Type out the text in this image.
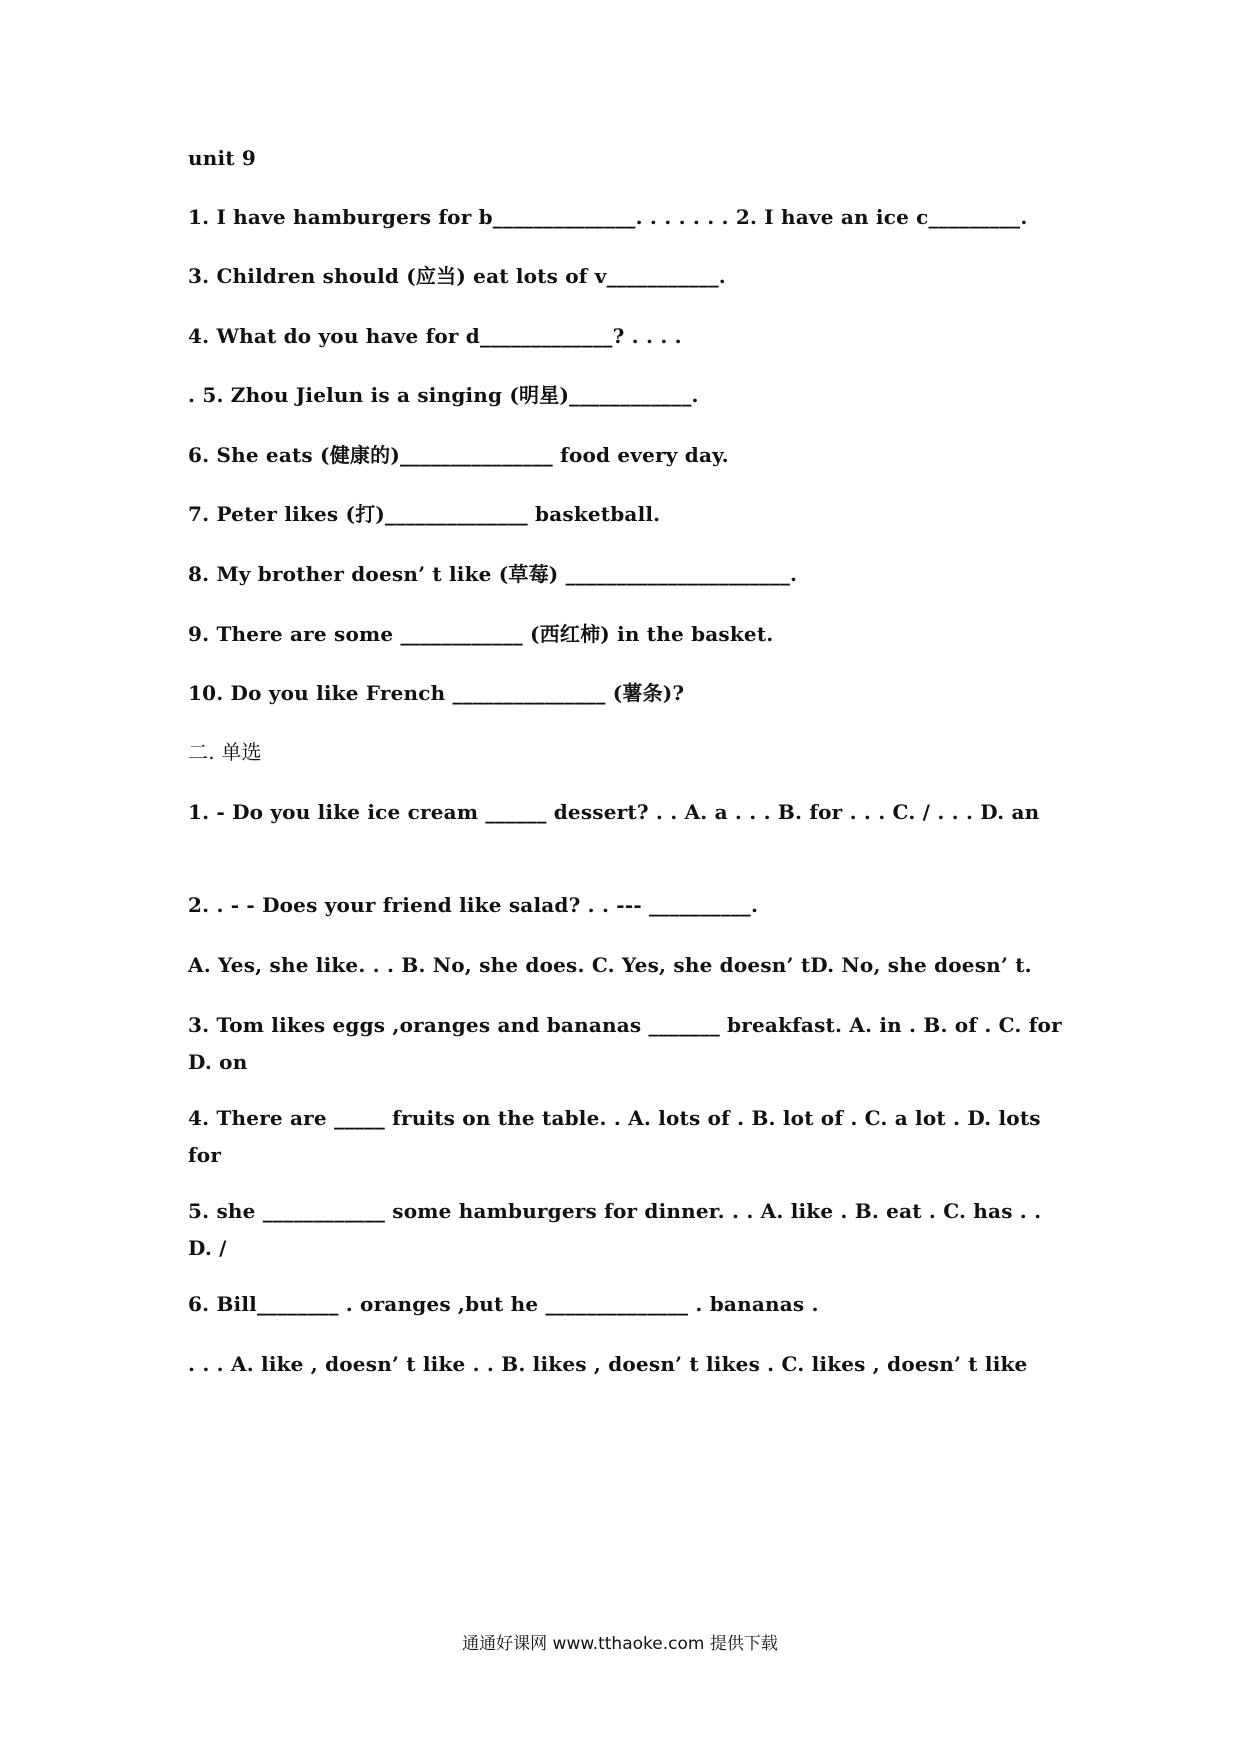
unit 9
1. I have hamburgers for b______________. . . . . . . 2. I have an ice c_________.
3. Children should (应当) eat lots of v___________.
4. What do you have for d_____________? . . . .
. 5. Zhou Jielun is a singing (明星)____________.
6. She eats (健康的)_______________ food every day.
7. Peter likes (打)______________ basketball.
8. My brother doesn’ t like (草莓) ______________________.
9. There are some ____________ (西红柿) in the basket.
10. Do you like French _______________ (薯条)?
二. 单选
1. - Do you like ice cream ______ dessert? . . A. a . . . B. for . . . C. / . . . D. an
2. . - - Does your friend like salad? . . --- __________.
A. Yes, she like. . . B. No, she does. C. Yes, she doesn’ tD. No, she doesn’ t.
3. Tom likes eggs ,oranges and bananas _______ breakfast. A. in . B. of . C. for D. on
4. There are _____ fruits on the table. . A. lots of . B. lot of . C. a lot . D. lots for
5. she ____________ some hamburgers for dinner. . . A. like . B. eat . C. has . . D. /
6. Bill________ . oranges ,but he ______________ . bananas .
. . . A. like , doesn’ t like . . B. likes , doesn’ t likes . C. likes , doesn’ t like
通通好课网 www.tthaoke.com 提供下载
